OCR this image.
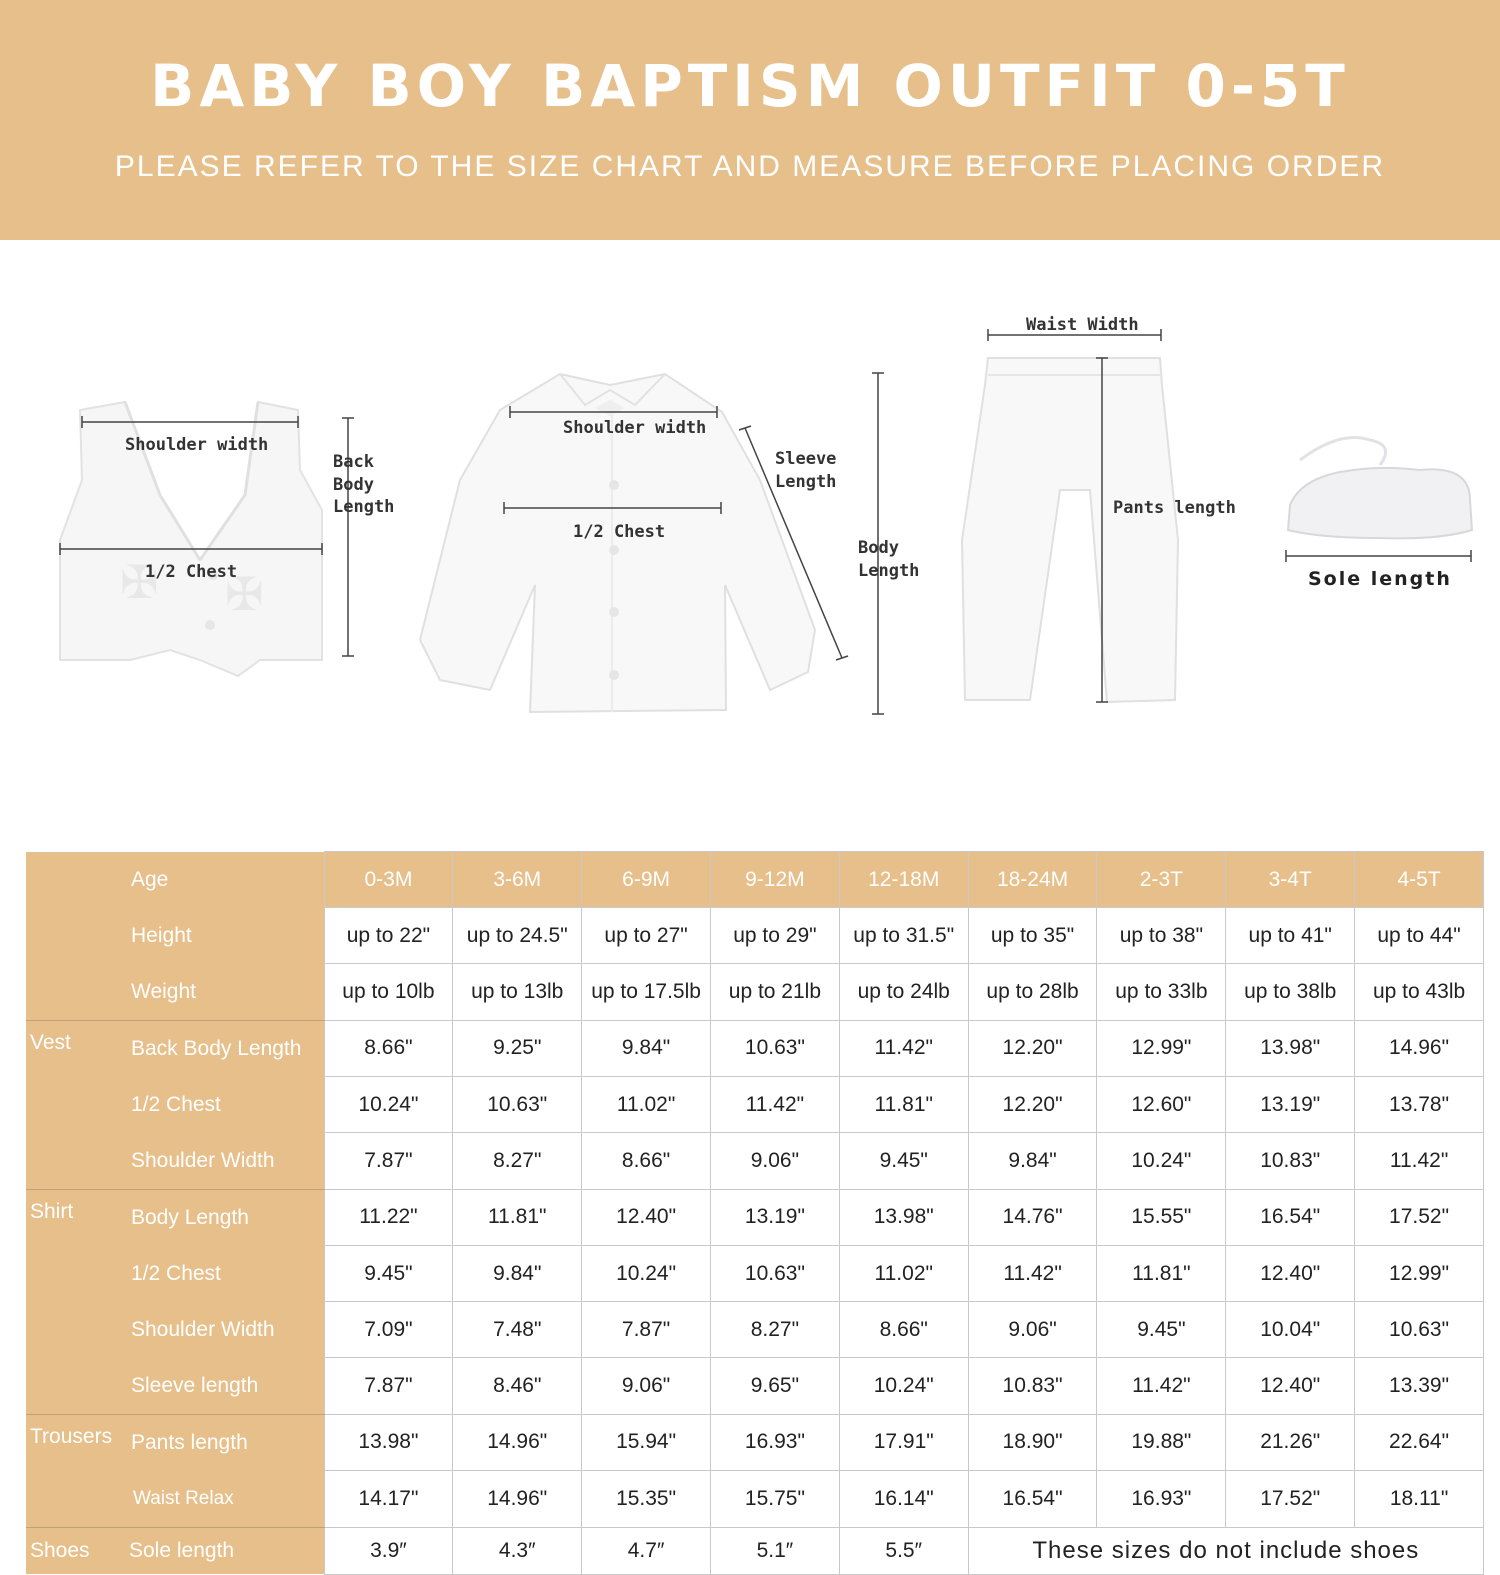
BABY BOY BAPTISM OUTFIT 0-5T
PLEASE REFER TO THE SIZE CHART AND MEASURE BEFORE PLACING ORDER
✠ ✠
Shoulder width
Back
Body
Length
1/2 Chest
Shoulder width
1/2 Chest
Sleeve
Length
Body
Length
Waist Width
Pants length
Sole length
	Age	0-3M	3-6M	6-9M	9-12M	12-18M	18-24M	2-3T	3-4T	4-5T
	Height	up to 22"	up to 24.5"	up to 27"	up to 29"	up to 31.5"	up to 35"	up to 38"	up to 41"	up to 44"
	Weight	up to 10lb	up to 13lb	up to 17.5lb	up to 21lb	up to 24lb	up to 28lb	up to 33lb	up to 38lb	up to 43lb
Vest	Back Body Length	8.66"	9.25"	9.84"	10.63"	11.42"	12.20"	12.99"	13.98"	14.96"
	1/2 Chest	10.24"	10.63"	11.02"	11.42"	11.81"	12.20"	12.60"	13.19"	13.78"
	Shoulder Width	7.87"	8.27"	8.66"	9.06"	9.45"	9.84"	10.24"	10.83"	11.42"
Shirt	Body Length	11.22"	11.81"	12.40"	13.19"	13.98"	14.76"	15.55"	16.54"	17.52"
	1/2 Chest	9.45"	9.84"	10.24"	10.63"	11.02"	11.42"	11.81"	12.40"	12.99"
	Shoulder Width	7.09"	7.48"	7.87"	8.27"	8.66"	9.06"	9.45"	10.04"	10.63"
	Sleeve length	7.87"	8.46"	9.06"	9.65"	10.24"	10.83"	11.42"	12.40"	13.39"
Trousers	Pants length	13.98"	14.96"	15.94"	16.93"	17.91"	18.90"	19.88"	21.26"	22.64"
	Waist Relax	14.17"	14.96"	15.35"	15.75"	16.14"	16.54"	16.93"	17.52"	18.11"
Shoes	Sole length	3.9″	4.3″	4.7″	5.1″	5.5″	These sizes do not include shoes			
